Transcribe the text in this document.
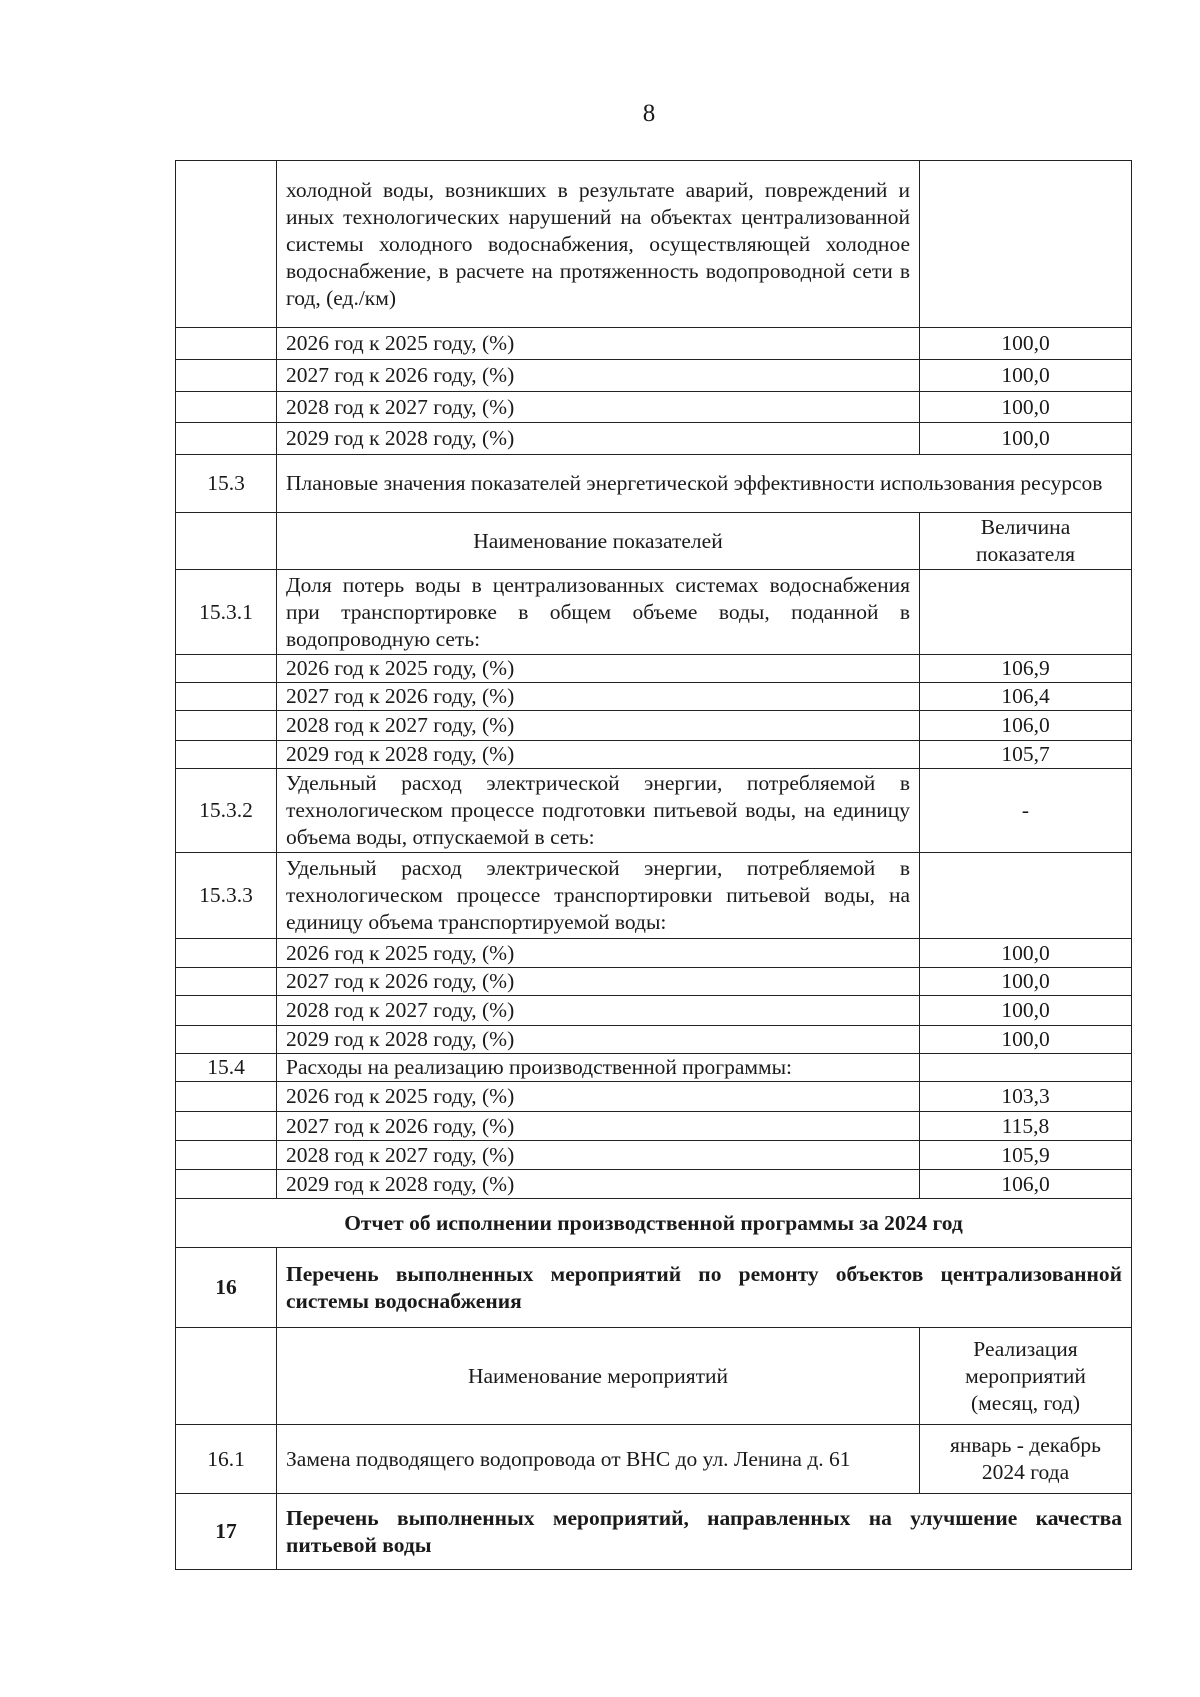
8
	холодной воды, возникших в результате аварий, повреждений и иных технологических нарушений на объектах централизованной системы холодного водоснабжения, осуществляющей холодное водоснабжение, в расчете на протяженность водопроводной сети в год, (ед./км)	
	2026 год к 2025 году, (%)	100,0
	2027 год к 2026 году, (%)	100,0
	2028 год к 2027 году, (%)	100,0
	2029 год к 2028 году, (%)	100,0
15.3	Плановые значения показателей энергетической эффективности использования ресурсов	
	Наименование показателей	Величина показателя
15.3.1	Доля потерь воды в централизованных системах водоснабжения при транспортировке в общем объеме воды, поданной в водопроводную сеть:	
	2026 год к 2025 году, (%)	106,9
	2027 год к 2026 году, (%)	106,4
	2028 год к 2027 году, (%)	106,0
	2029 год к 2028 году, (%)	105,7
15.3.2	Удельный расход электрической энергии, потребляемой в технологическом процессе подготовки питьевой воды, на единицу объема воды, отпускаемой в сеть:	-
15.3.3	Удельный расход электрической энергии, потребляемой в технологическом процессе транспортировки питьевой воды, на единицу объема транспортируемой воды:	
	2026 год к 2025 году, (%)	100,0
	2027 год к 2026 году, (%)	100,0
	2028 год к 2027 году, (%)	100,0
	2029 год к 2028 году, (%)	100,0
15.4	Расходы на реализацию производственной программы:	
	2026 год к 2025 году, (%)	103,3
	2027 год к 2026 году, (%)	115,8
	2028 год к 2027 году, (%)	105,9
	2029 год к 2028 году, (%)	106,0
Отчет об исполнении производственной программы за 2024 год		
16	Перечень выполненных мероприятий по ремонту объектов централизованной системы водоснабжения	
	Наименование мероприятий	Реализация мероприятий (месяц, год)
16.1	Замена подводящего водопровода от ВНС до ул. Ленина д. 61	январь - декабрь 2024 года
17	Перечень выполненных мероприятий, направленных на улучшение качества питьевой воды	
